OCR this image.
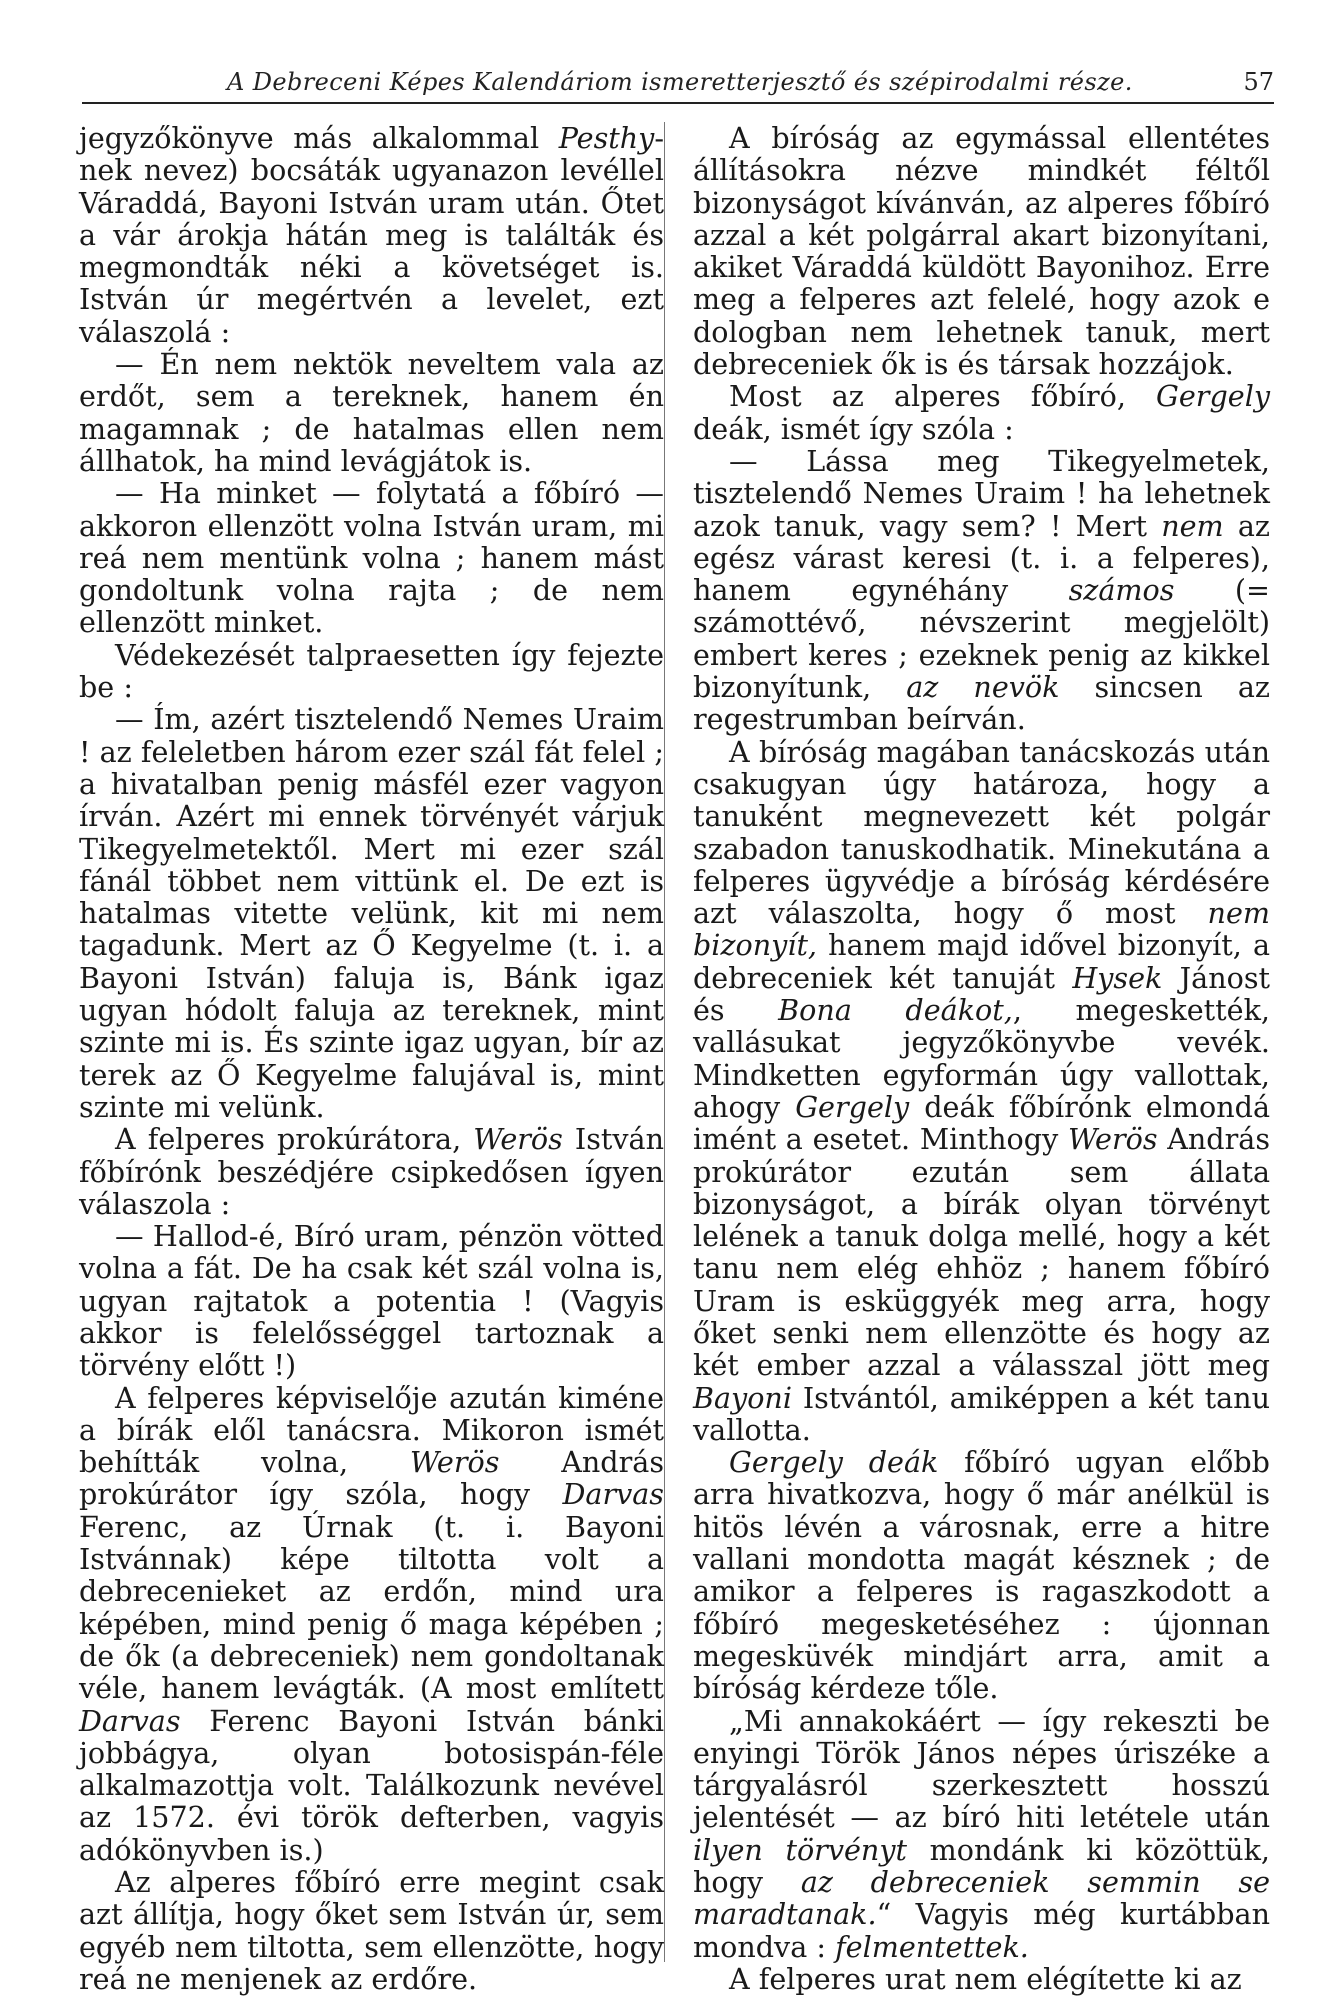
A Debreceni Képes Kalendáriom ismeretterjesztő és szépirodalmi része.	57

jegyzőkönyve más alkalommal Pesthy-nek nevez) bocsáták ugyanazon levéllel Váraddá, Bayoni István uram után. Őtet a vár árokja hátán meg is találták és megmondták néki a követséget is. István úr megértvén a levelet, ezt válaszolá :

— Én nem nektök neveltem vala az erdőt, sem a tereknek, hanem én magamnak ; de hatalmas ellen nem állhatok, ha mind levágjátok is.

— Ha minket — folytatá a főbíró — akkoron ellenzött volna István uram, mi reá nem mentünk volna ; hanem mást gondoltunk volna rajta ; de nem ellenzött minket.

Védekezését talpraesetten így fejezte be :

— Ím, azért tisztelendő Nemes Uraim ! az feleletben három ezer szál fát felel ; a hivatalban penig másfél ezer vagyon írván. Azért mi ennek törvényét várjuk Tikegyelmetektől. Mert mi ezer szál fánál többet nem vittünk el. De ezt is hatalmas vitette velünk, kit mi nem tagadunk. Mert az Ő Kegyelme (t. i. a Bayoni István) faluja is, Bánk igaz ugyan hódolt faluja az tereknek, mint szinte mi is. És szinte igaz ugyan, bír az terek az Ő Kegyelme falujával is, mint szinte mi velünk.

A felperes prokúrátora, Werös István főbírónk beszédjére csipkedősen ígyen válaszola :

— Hallod-é, Bíró uram, pénzön vötted volna a fát. De ha csak két szál volna is, ugyan rajtatok a potentia ! (Vagyis akkor is felelősséggel tartoznak a törvény előtt !)

A felperes képviselője azután kiméne a bírák elől tanácsra. Mikoron ismét behítták volna, Werös András prokúrátor így szóla, hogy Darvas Ferenc, az Úrnak (t. i. Bayoni Istvánnak) képe tiltotta volt a debrecenieket az erdőn, mind ura képében, mind penig ő maga képében ; de ők (a debreceniek) nem gondoltanak véle, hanem levágták. (A most említett Darvas Ferenc Bayoni István bánki jobbágya, olyan botosispán-féle alkalmazottja volt. Találkozunk nevével az 1572. évi török defterben, vagyis adókönyvben is.)

Az alperes főbíró erre megint csak azt állítja, hogy őket sem István úr, sem egyéb nem tiltotta, sem ellenzötte, hogy reá ne menjenek az erdőre.

A bíróság az egymással ellentétes állításokra nézve mindkét féltől bizonyságot kívánván, az alperes főbíró azzal a két polgárral akart bizonyítani, akiket Váraddá küldött Bayonihoz. Erre meg a felperes azt felelé, hogy azok e dologban nem lehetnek tanuk, mert debreceniek ők is és társak hozzájok.

Most az alperes főbíró, Gergely deák, ismét így szóla :

— Lássa meg Tikegyelmetek, tisztelendő Nemes Uraim ! ha lehetnek azok tanuk, vagy sem? ! Mert nem az egész várast keresi (t. i. a felperes), hanem egynéhány számos (= számottévő, névszerint megjelölt) embert keres ; ezeknek penig az kikkel bizonyítunk, az nevök sincsen az regestrumban beírván.

A bíróság magában tanácskozás után csakugyan úgy határoza, hogy a tanuként megnevezett két polgár szabadon tanuskodhatik. Minekutána a felperes ügyvédje a bíróság kérdésére azt válaszolta, hogy ő most nem bizonyít, hanem majd idővel bizonyít, a debreceniek két tanuját Hysek Jánost és Bona deákot,, megeskették, vallásukat jegyzőkönyvbe vevék. Mindketten egyformán úgy vallottak, ahogy Gergely deák főbírónk elmondá imént a esetet. Minthogy Werös András prokúrátor ezután sem állata bizonyságot, a bírák olyan törvényt lelének a tanuk dolga mellé, hogy a két tanu nem elég ehhöz ; hanem főbíró Uram is esküggyék meg arra, hogy őket senki nem ellenzötte és hogy az két ember azzal a válasszal jött meg Bayoni Istvántól, amiképpen a két tanu vallotta.

Gergely deák főbíró ugyan előbb arra hivatkozva, hogy ő már anélkül is hitös lévén a városnak, erre a hitre vallani mondotta magát késznek ; de amikor a felperes is ragaszkodott a főbíró megesketéséhez : újonnan megesküvék mindjárt arra, amit a bíróság kérdeze tőle.

„Mi annakokáért — így rekeszti be enyingi Török János népes úriszéke a tárgyalásról szerkesztett hosszú jelentését — az bíró hiti letétele után ilyen törvényt mondánk ki közöttük, hogy az debreceniek semmin se maradtanak.“ Vagyis még kurtábban mondva : felmentettek.

A felperes urat nem elégítette ki az
